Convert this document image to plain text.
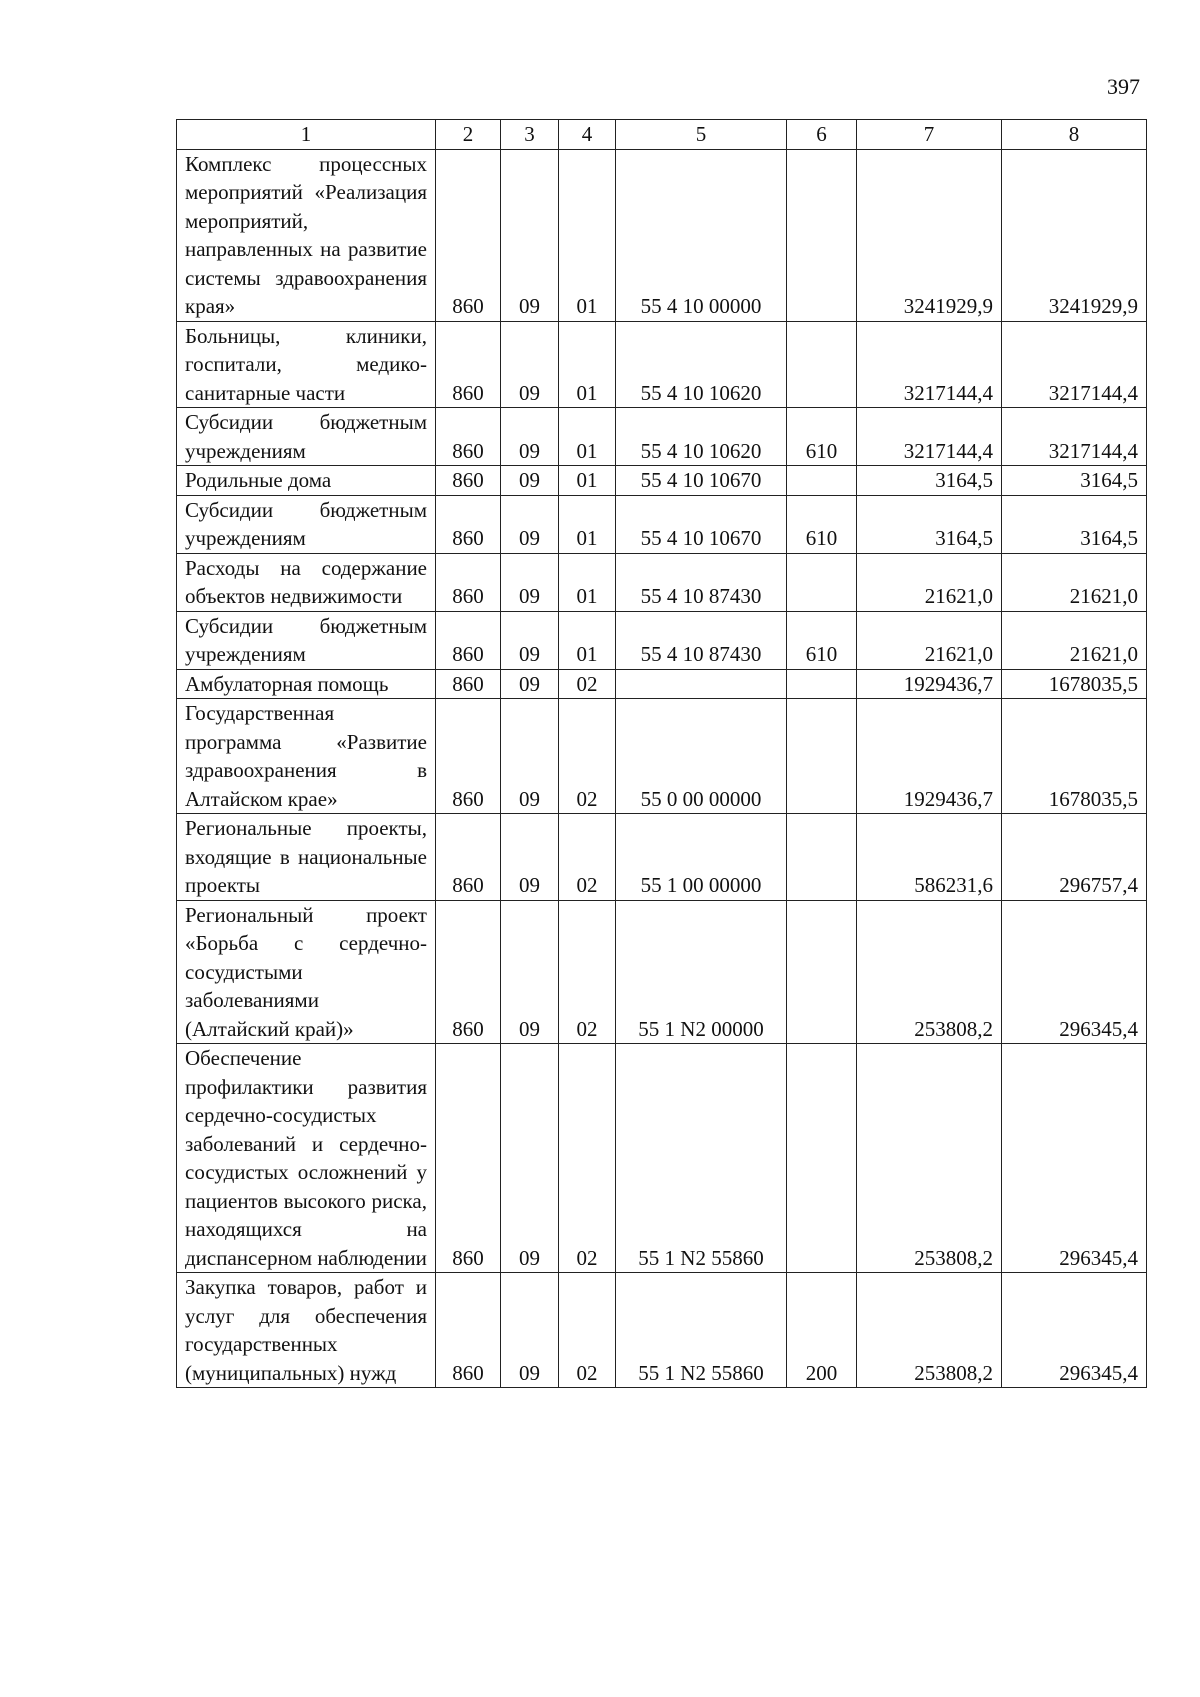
397
1	2	3	4	5	6	7	8
Комплекс процессных мероприятий «Реализация мероприятий, направленных на развитие системы здравоохранения края»	860	09	01	55 4 10 00000		3241929,9	3241929,9
Больницы, клиники, госпитали, медико-санитарные части	860	09	01	55 4 10 10620		3217144,4	3217144,4
Субсидии бюджетным учреждениям	860	09	01	55 4 10 10620	610	3217144,4	3217144,4
Родильные дома	860	09	01	55 4 10 10670		3164,5	3164,5
Субсидии бюджетным учреждениям	860	09	01	55 4 10 10670	610	3164,5	3164,5
Расходы на содержание объектов недвижимости	860	09	01	55 4 10 87430		21621,0	21621,0
Субсидии бюджетным учреждениям	860	09	01	55 4 10 87430	610	21621,0	21621,0
Амбулаторная помощь	860	09	02			1929436,7	1678035,5
Государственная программа «Развитие здравоохранения в Алтайском крае»	860	09	02	55 0 00 00000		1929436,7	1678035,5
Региональные проекты, входящие в национальные проекты	860	09	02	55 1 00 00000		586231,6	296757,4
Региональный проект «Борьба с сердечно-сосудистыми заболеваниями (Алтайский край)»	860	09	02	55 1 N2 00000		253808,2	296345,4
Обеспечение профилактики развития сердечно-сосудистых заболеваний и сердечно-сосудистых осложнений у пациентов высокого риска, находящихся на диспансерном наблюдении	860	09	02	55 1 N2 55860		253808,2	296345,4
Закупка товаров, работ и услуг для обеспечения государственных (муниципальных) нужд	860	09	02	55 1 N2 55860	200	253808,2	296345,4
